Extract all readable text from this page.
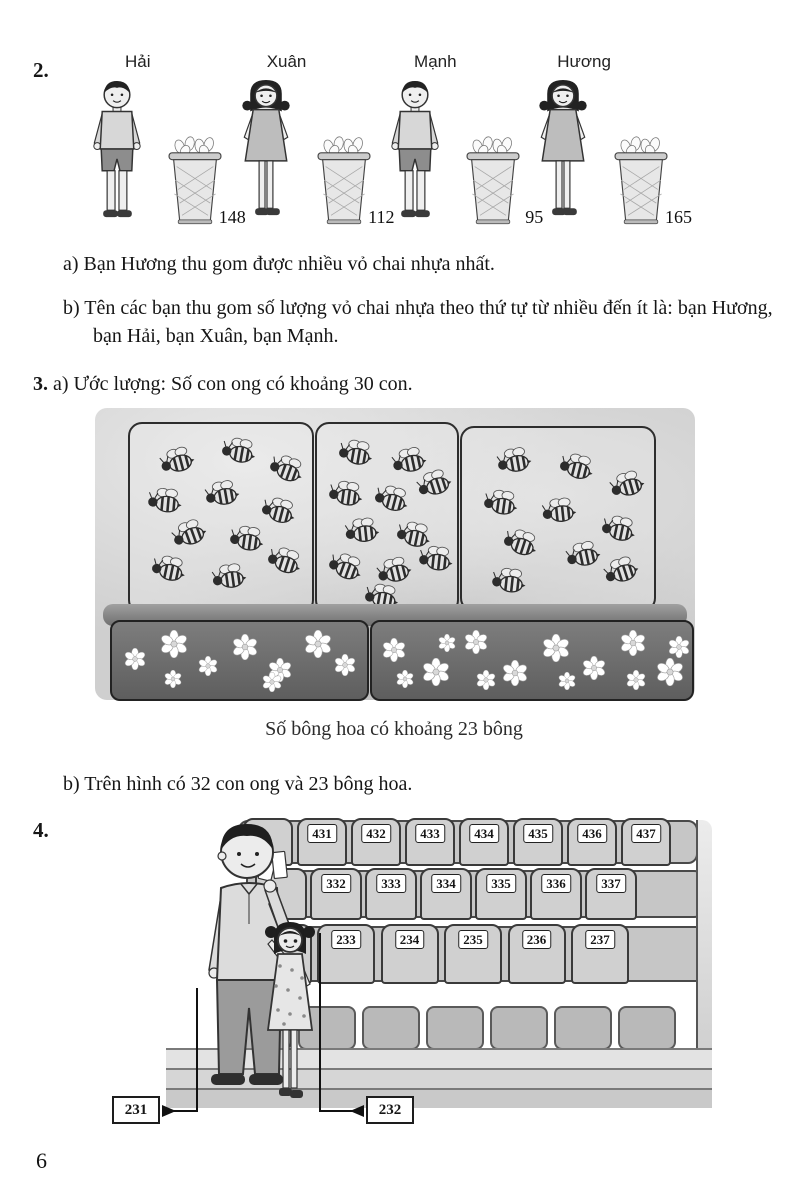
2.	Hải
148
Xuân
112
Mạnh
95
Hương
165
a) Bạn Hương thu gom được nhiều vỏ chai nhựa nhất.
b) Tên các bạn thu gom số lượng vỏ chai nhựa theo thứ tự từ nhiều đến ít là: bạn Hương, bạn Hải, bạn Xuân, bạn Mạnh.
3. a) Ước lượng: Số con ong có khoảng 30 con.
Số bông hoa có khoảng 23 bông
b) Trên hình có 32 con ong và 23 bông hoa.
4.	431	432	433	434	435	436	437
332	333	334	335	336	337
233	234	235	236	237
231	232
6
